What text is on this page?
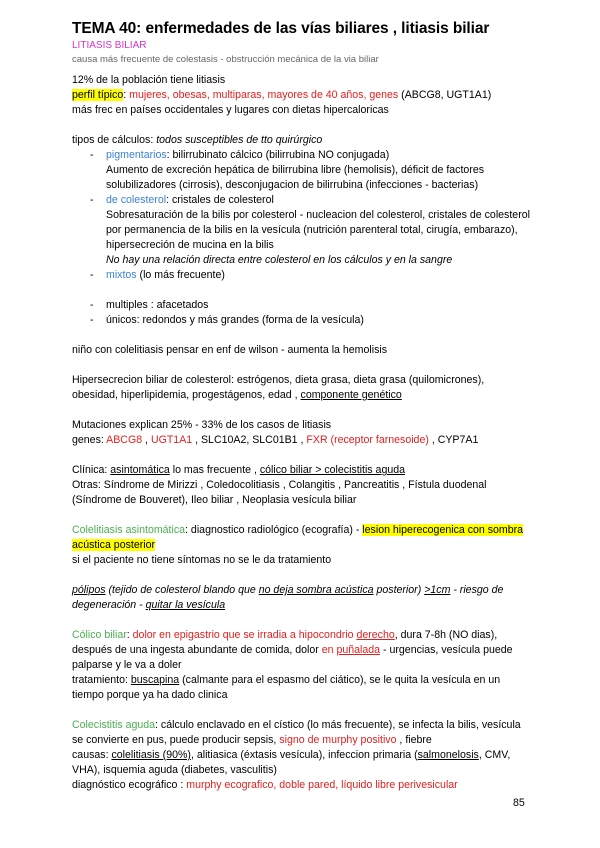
TEMA 40: enfermedades de las vías biliares , litiasis biliar
LITIASIS BILIAR
causa más frecuente de colestasis - obstrucción mecánica de la via biliar

12% de la población tiene litiasis

perfil típico: mujeres, obesas, multiparas, mayores de 40 años, genes (ABCG8, UGT1A1)

más frec en países occidentales y lugares con dietas hipercaloricas

tipos de cálculos: todos susceptibles de tto quirúrgico

- pigmentarios: bilirrubinato cálcico (bilirrubina NO conjugada)
Aumento de excreción hepática de bilirrubina libre (hemolisis), déficit de factores solubilizadores (cirrosis), desconjugacion de bilirrubina (infecciones - bacterias)
- de colesterol: cristales de colesterol
Sobresaturación de la bilis por colesterol - nucleacion del colesterol, cristales de colesterol por permanencia de la bilis en la vesícula (nutrición parenteral total, cirugía, embarazo), hipersecreción de mucina en la bilis
No hay una relación directa entre colesterol en los cálculos y en la sangre
- mixtos (lo más frecuente)
- multiples : afacetados
- únicos: redondos y más grandes (forma de la vesícula)

niño con colelitiasis pensar en enf de wilson - aumenta la hemolisis

Hipersecrecion biliar de colesterol: estrógenos, dieta grasa, dieta grasa (quilomicrones), obesidad, hiperlipidemia, progestágenos, edad , componente genético

Mutaciones explican 25% - 33% de los casos de litiasis

genes: ABCG8 , UGT1A1 , SLC10A2, SLC01B1 , FXR (receptor farnesoide) , CYP7A1

Clínica: asintomática lo mas frecuente , cólico biliar > colecistitis aguda

Otras: Síndrome de Mirizzi , Coledocolitiasis , Colangitis , Pancreatitis , Fístula duodenal (Síndrome de Bouveret), Ileo biliar , Neoplasia vesícula biliar

Colelitiasis asintomática: diagnostico radiológico (ecografía) - lesion hiperecogenica con sombra acústica posterior

si el paciente no tiene síntomas no se le da tratamiento

pólipos (tejido de colesterol blando que no deja sombra acústica posterior) >1cm - riesgo de degeneración - quitar la vesícula

Cólico biliar: dolor en epigastrio que se irradia a hipocondrio derecho, dura 7-8h (NO dias), después de una ingesta abundante de comida, dolor en puñalada - urgencias, vesícula puede palparse y le va a doler

tratamiento: buscapina (calmante para el espasmo del ciático), se le quita la vesícula en un tiempo porque ya ha dado clinica

Colecistitis aguda: cálculo enclavado en el cístico (lo más frecuente), se infecta la bilis, vesícula se convierte en pus, puede producir sepsis, signo de murphy positivo , fiebre

causas: colelitiasis (90%), alitiasica (éxtasis vesícula), infeccion primaria (salmonelosis, CMV, VHA), isquemia aguda (diabetes, vasculitis)

diagnóstico ecográfico : murphy ecografico, doble pared, líquido libre perivesicular

85
